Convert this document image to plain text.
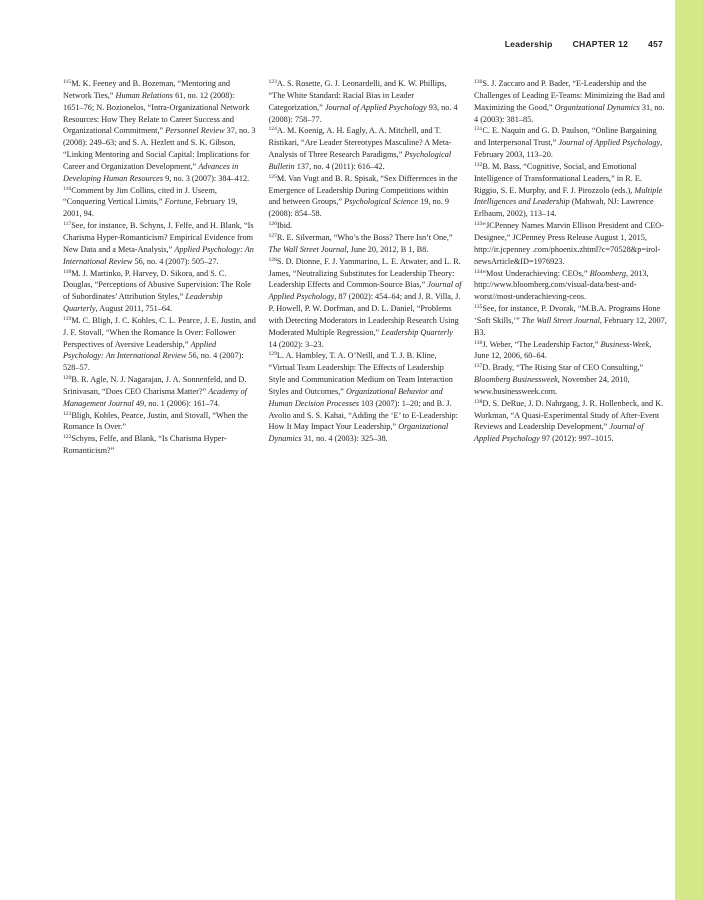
Leadership CHAPTER 12 457

$^{115}$M. K. Feeney and B. Bozeman, “Mentoring and Network Ties,” Human Relations 61, no. 12 (2008): 1651–76; N. Bozionelos, “Intra-Organizational Network Resources: How They Relate to Career Success and Organizational Commitment,” Personnel Review 37, no. 3 (2008): 249–63; and S. A. Hezlett and S. K. Gibson, “Linking Mentoring and Social Capital: Implications for Career and Organization Development,” Advances in Developing Human Resources 9, no. 3 (2007): 384–412.

$^{116}$Comment by Jim Collins, cited in J. Useem, “Conquering Vertical Limits,” Fortune, February 19, 2001, 94.

$^{117}$See, for instance, B. Schyns, J. Felfe, and H. Blank, “Is Charisma Hyper-Romanticism? Empirical Evidence from New Data and a Meta-Analysis,” Applied Psychology: An International Review 56, no. 4 (2007): 505–27.

$^{118}$M. J. Martinko, P. Harvey, D. Sikora, and S. C. Douglas, “Perceptions of Abusive Supervision: The Role of Subordinates’ Attribution Styles,” Leadership Quarterly, August 2011, 751–64.

$^{119}$M. C. Bligh, J. C. Kohles, C. L. Pearce, J. E. Justin, and J. F. Stovall, “When the Romance Is Over: Follower Perspectives of Aversive Leadership,” Applied Psychology: An International Review 56, no. 4 (2007): 528–57.

$^{120}$B. R. Agle, N. J. Nagarajan, J. A. Sonnenfeld, and D. Srinivasan, “Does CEO Charisma Matter?” Academy of Management Journal 49, no. 1 (2006): 161–74.

$^{121}$Bligh, Kohles, Pearce, Justin, and Stovall, “When the Romance Is Over.”

$^{122}$Schyns, Felfe, and Blank, “Is Charisma Hyper-Romanticism?”

$^{123}$A. S. Rosette, G. J. Leonardelli, and K. W. Phillips, “The White Standard: Racial Bias in Leader Categorization,” Journal of Applied Psychology 93, no. 4 (2008): 758–77.

$^{124}$A. M. Koenig, A. H. Eagly, A. A. Mitchell, and T. Ristikari, “Are Leader Stereotypes Masculine? A Meta-Analysis of Three Research Paradigms,” Psychological Bulletin 137, no. 4 (2011): 616–42.

$^{125}$M. Van Vugt and B. R. Spisak, “Sex Differences in the Emergence of Leadership During Competitions within and between Groups,” Psychological Science 19, no. 9 (2008): 854–58.

$^{126}$Ibid.

$^{127}$R. E. Silverman, “Who’s the Boss? There Isn’t One,” The Wall Street Journal, June 20, 2012, B 1, B8.

$^{128}$S. D. Dionne, F. J. Yammarino, L. E. Atwater, and L. R. James, “Neutralizing Substitutes for Leadership Theory: Leadership Effects and Common-Source Bias,” Journal of Applied Psychology, 87 (2002): 454–64; and J. R. Villa, J. P. Howell, P. W. Dorfman, and D. L. Daniel, “Problems with Detecting Moderators in Leadership Research Using Moderated Multiple Regression,” Leadership Quarterly 14 (2002): 3–23.

$^{129}$L. A. Hambley, T. A. O’Neill, and T. J. B. Kline, “Virtual Team Leadership: The Effects of Leadership Style and Communication Medium on Team Interaction Styles and Outcomes,” Organizational Behavior and Human Decision Processes 103 (2007): 1–20; and B. J. Avolio and S. S. Kahai, “Adding the ‘E’ to E-Leadership: How It May Impact Your Leadership,” Organizational Dynamics 31, no. 4 (2003): 325–38.

$^{130}$S. J. Zaccaro and P. Bader, “E-Leadership and the Challenges of Leading E-Teams: Minimizing the Bad and Maximizing the Good,” Organizational Dynamics 31, no. 4 (2003): 381–85.

$^{131}$C. E. Naquin and G. D. Paulson, “Online Bargaining and Interpersonal Trust,” Journal of Applied Psychology, February 2003, 113–20.

$^{132}$B. M. Bass, “Cognitive, Social, and Emotional Intelligence of Transformational Leaders,” in R. E. Riggio, S. E. Murphy, and F. J. Pirozzolo (eds.), Multiple Intelligences and Leadership (Mahwah, NJ: Lawrence Erlbaum, 2002), 113–14.

$^{133}$“JCPenney Names Marvin Ellison President and CEO-Designee,” JCPenney Press Release August 1, 2015, http://ir.jcpenney .com/phoenix.zhtml?c=70528&p=irol-newsArticle&ID=1976923.

$^{134}$“Most Underachieving: CEOs,” Bloomberg, 2013, http://www.bloomberg.com/visual-data/best-and-worst//most-underachieving-ceos.

$^{135}$See, for instance, P. Dvorak, “M.B.A. Programs Hone ‘Soft Skills,’” The Wall Street Journal, February 12, 2007, B3.

$^{136}$J. Weber, “The Leadership Factor,” Business-Week, June 12, 2006, 60–64.

$^{137}$D. Brady, “The Rising Star of CEO Consulting,” Bloomberg Businessweek, November 24, 2010, www.businessweek.com.

$^{138}$D. S. DeRue, J. D. Nahrgang, J. R. Hollenbeck, and K. Workman, “A Quasi-Experimental Study of After-Event Reviews and Leadership Development,” Journal of Applied Psychology 97 (2012): 997–1015.
